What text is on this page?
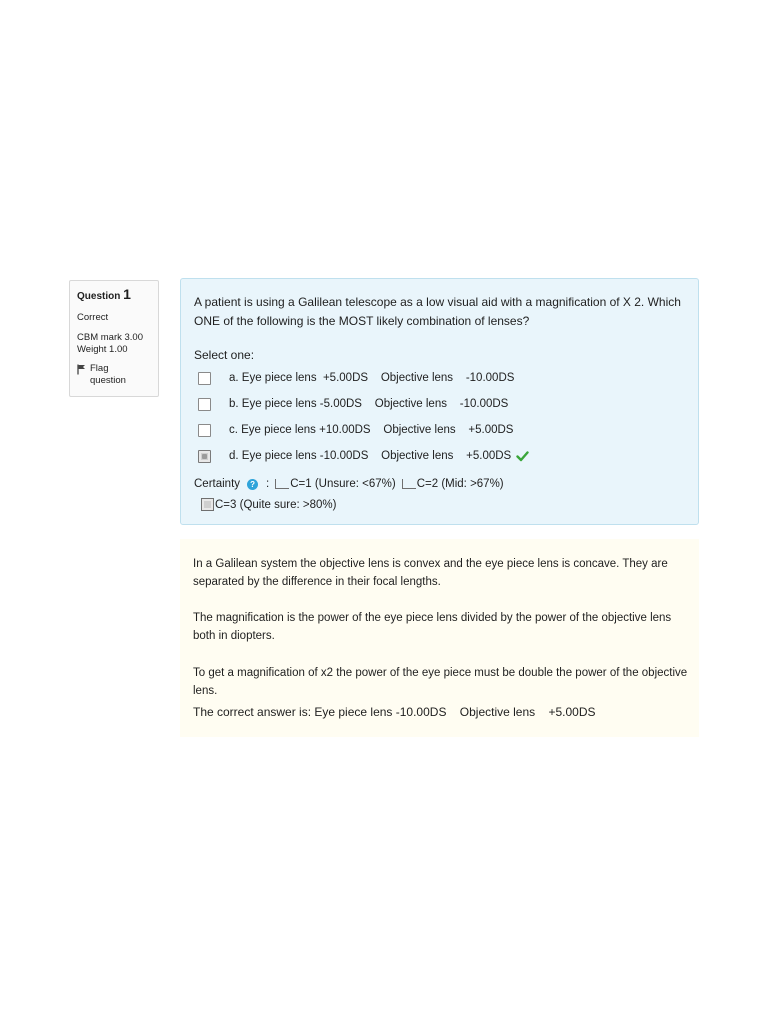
Question 1
Correct
CBM mark 3.00
Weight 1.00
Flag question
A patient is using a Galilean telescope as a low visual aid with a magnification of X 2. Which ONE of the following is the MOST likely combination of lenses?
Select one:
a. Eye piece lens  +5.00DS    Objective lens    -10.00DS
b. Eye piece lens -5.00DS    Objective lens    -10.00DS
c. Eye piece lens +10.00DS    Objective lens    +5.00DS
d. Eye piece lens -10.00DS    Objective lens    +5.00DS
Certainty	? : C=1 (Unsure: <67%) C=2 (Mid: >67%)
C=3 (Quite sure: >80%)
In a Galilean system the objective lens is convex and the eye piece lens is concave. They are separated by the difference in their focal lengths.
The magnification is the power of the eye piece lens divided by the power of the objective lens both in diopters.
To get a magnification of x2 the power of the eye piece must be double the power of the objective lens.
The correct answer is: Eye piece lens -10.00DS    Objective lens    +5.00DS
